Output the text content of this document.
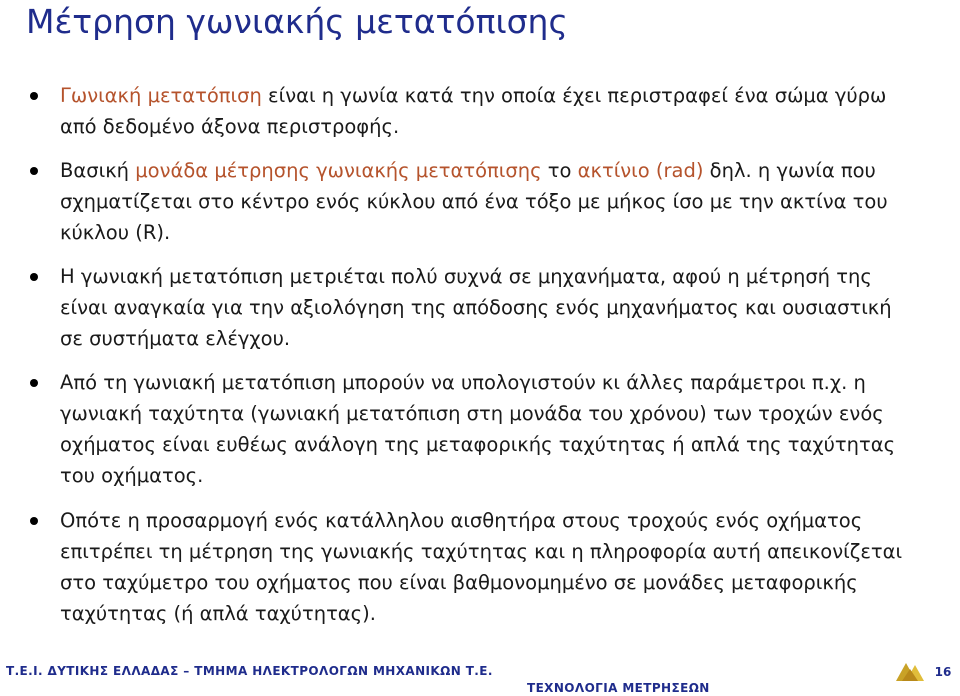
Μέτρηση γωνιακής μετατόπισης
Γωνιακή μετατόπιση είναι η γωνία κατά την οποία έχει περιστραφεί ένα σώμα γύρω από δεδομένο άξονα περιστροφής.
Βασική μονάδα μέτρησης γωνιακής μετατόπισης το ακτίνιο (rad) δηλ. η γωνία που σχηματίζεται στο κέντρο ενός κύκλου από ένα τόξο με μήκος ίσο με την ακτίνα του κύκλου (R).
Η γωνιακή μετατόπιση μετριέται πολύ συχνά σε μηχανήματα, αφού η μέτρησή της είναι αναγκαία για την αξιολόγηση της απόδοσης ενός μηχανήματος και ουσιαστική σε συστήματα ελέγχου.
Από τη γωνιακή μετατόπιση μπορούν να υπολογιστούν κι άλλες παράμετροι π.χ. η γωνιακή ταχύτητα (γωνιακή μετατόπιση στη μονάδα του χρόνου) των τροχών ενός οχήματος είναι ευθέως ανάλογη της μεταφορικής ταχύτητας ή απλά της ταχύτητας του οχήματος.
Οπότε η προσαρμογή ενός κατάλληλου αισθητήρα στους τροχούς ενός οχήματος επιτρέπει τη μέτρηση της γωνιακής ταχύτητας και η πληροφορία αυτή απεικονίζεται στο ταχύμετρο του οχήματος που είναι βαθμονομημένο σε μονάδες μεταφορικής ταχύτητας (ή απλά ταχύτητας).
Τ.Ε.Ι. ΔΥΤΙΚΗΣ ΕΛΛΑΔΑΣ – ΤΜΗΜΑ ΗΛΕΚΤΡΟΛΟΓΩΝ ΜΗΧΑΝΙΚΩΝ Τ.Ε.
ΤΕΧΝΟΛΟΓΙΑ ΜΕΤΡΗΣΕΩΝ
16
